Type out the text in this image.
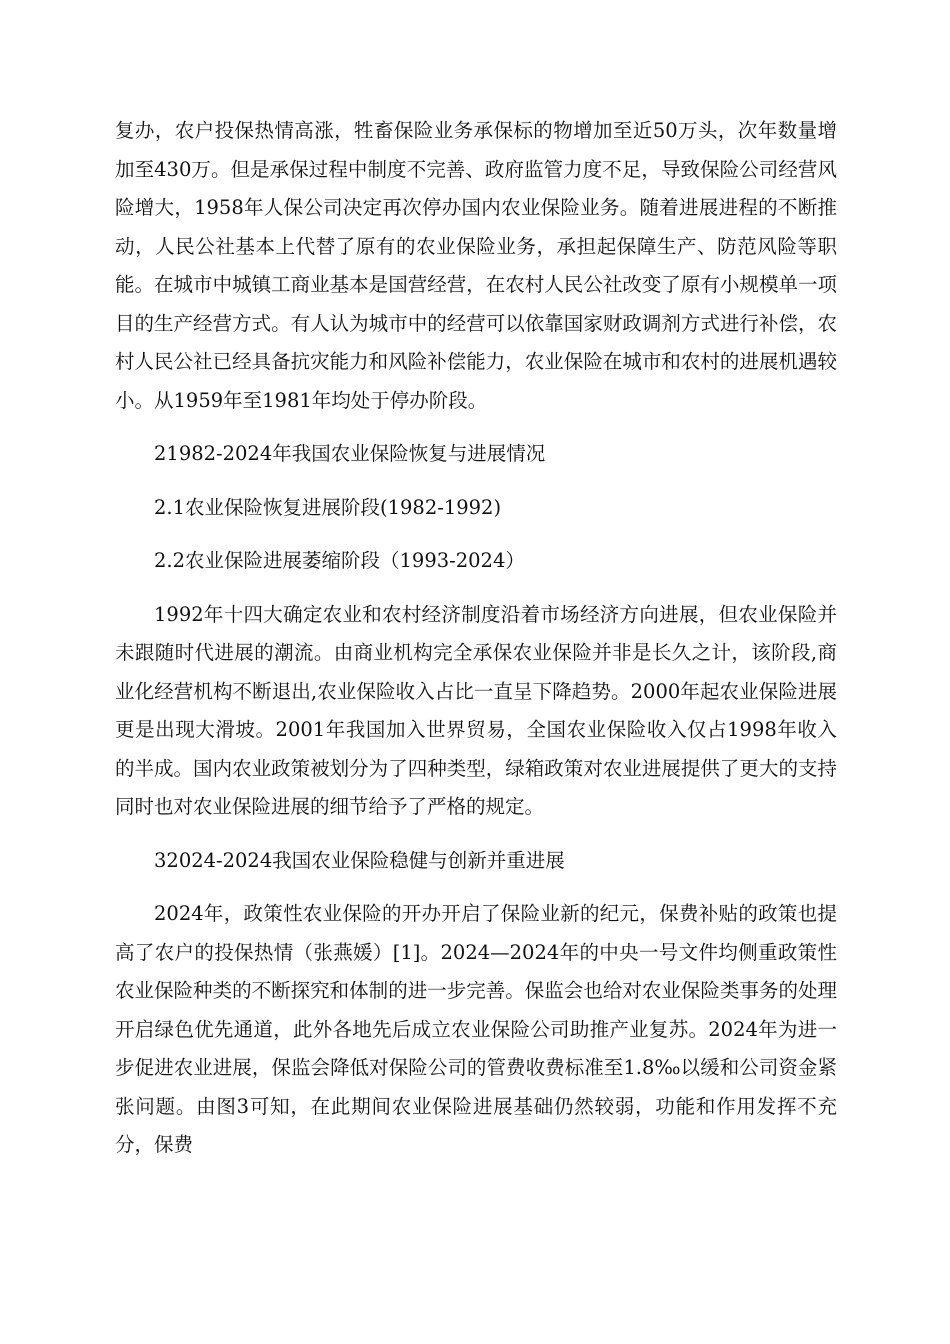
复办，农户投保热情高涨，牲畜保险业务承保标的物增加至近50万头，次年数量增加至430万。但是承保过程中制度不完善、政府监管力度不足，导致保险公司经营风险增大，1958年人保公司决定再次停办国内农业保险业务。随着进展进程的不断推动，人民公社基本上代替了原有的农业保险业务，承担起保障生产、防范风险等职能。在城市中城镇工商业基本是国营经营，在农村人民公社改变了原有小规模单一项目的生产经营方式。有人认为城市中的经营可以依靠国家财政调剂方式进行补偿，农村人民公社已经具备抗灾能力和风险补偿能力，农业保险在城市和农村的进展机遇较小。从1959年至1981年均处于停办阶段。

21982-2024年我国农业保险恢复与进展情况

2.1农业保险恢复进展阶段(1982-1992)

2.2农业保险进展萎缩阶段（1993-2024）

1992年十四大确定农业和农村经济制度沿着市场经济方向进展，但农业保险并未跟随时代进展的潮流。由商业机构完全承保农业保险并非是长久之计，该阶段,商业化经营机构不断退出,农业保险收入占比一直呈下降趋势。2000年起农业保险进展更是出现大滑坡。2001年我国加入世界贸易，全国农业保险收入仅占1998年收入的半成。国内农业政策被划分为了四种类型，绿箱政策对农业进展提供了更大的支持同时也对农业保险进展的细节给予了严格的规定。

32024-2024我国农业保险稳健与创新并重进展

2024年，政策性农业保险的开办开启了保险业新的纪元，保费补贴的政策也提高了农户的投保热情（张燕媛）[1]。2024—2024年的中央一号文件均侧重政策性农业保险种类的不断探究和体制的进一步完善。保监会也给对农业保险类事务的处理开启绿色优先通道，此外各地先后成立农业保险公司助推产业复苏。2024年为进一步促进农业进展，保监会降低对保险公司的管费收费标准至1.8‰以缓和公司资金紧张问题。由图3可知，在此期间农业保险进展基础仍然较弱，功能和作用发挥不充分，保费
